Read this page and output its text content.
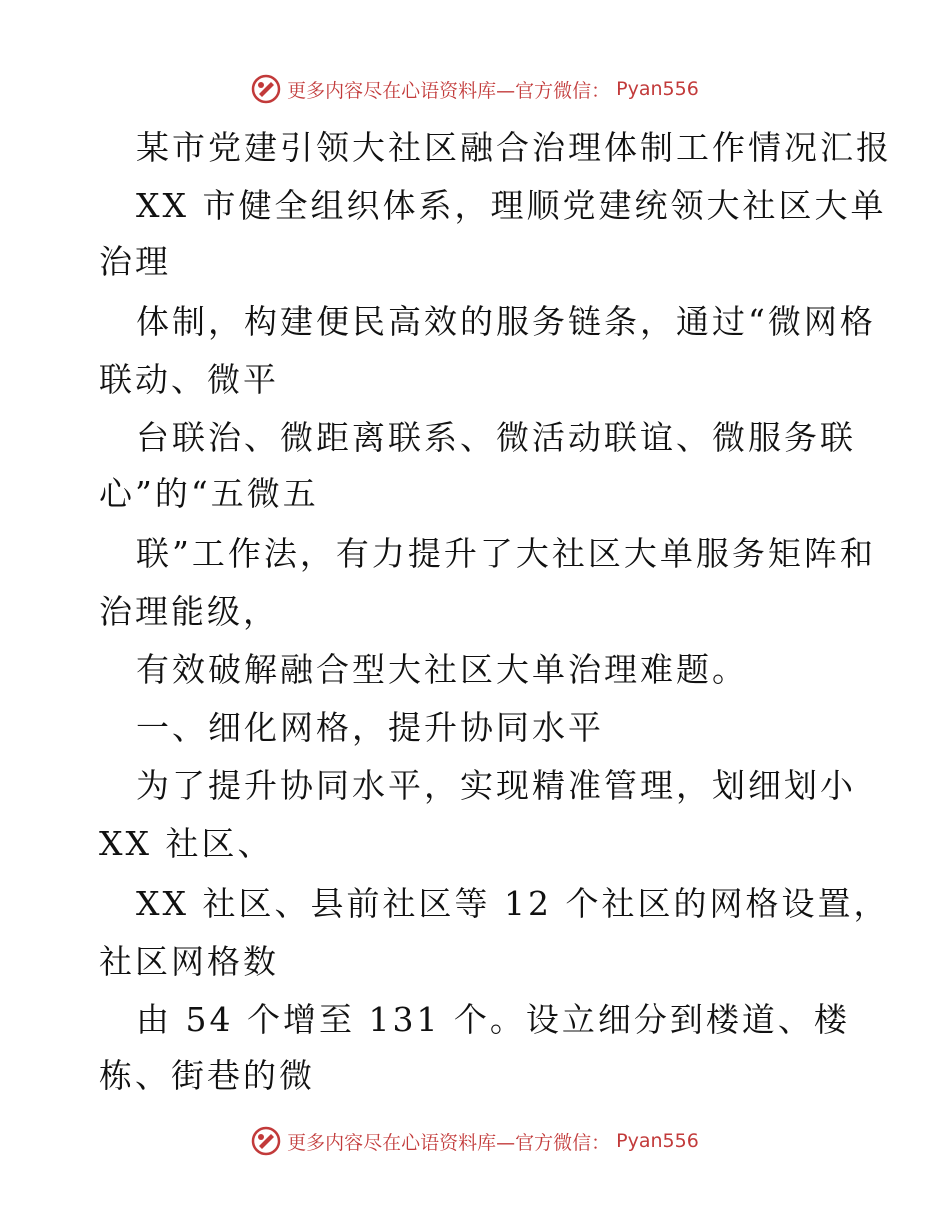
更多内容尽在心语资料库—官方微信： Pyan556
某市党建引领大社区融合治理体制工作情况汇报
XX 市健全组织体系，理顺党建统领大社区大单
治理
体制，构建便民高效的服务链条，通过“微网格
联动、微平
台联治、微距离联系、微活动联谊、微服务联
心”的“五微五
联”工作法，有力提升了大社区大单服务矩阵和
治理能级，
有效破解融合型大社区大单治理难题。
一、细化网格，提升协同水平
为了提升协同水平，实现精准管理，划细划小
XX 社区、
XX 社区、县前社区等 12 个社区的网格设置，
社区网格数
由 54 个增至 131 个。设立细分到楼道、楼
栋、街巷的微
更多内容尽在心语资料库—官方微信： Pyan556
